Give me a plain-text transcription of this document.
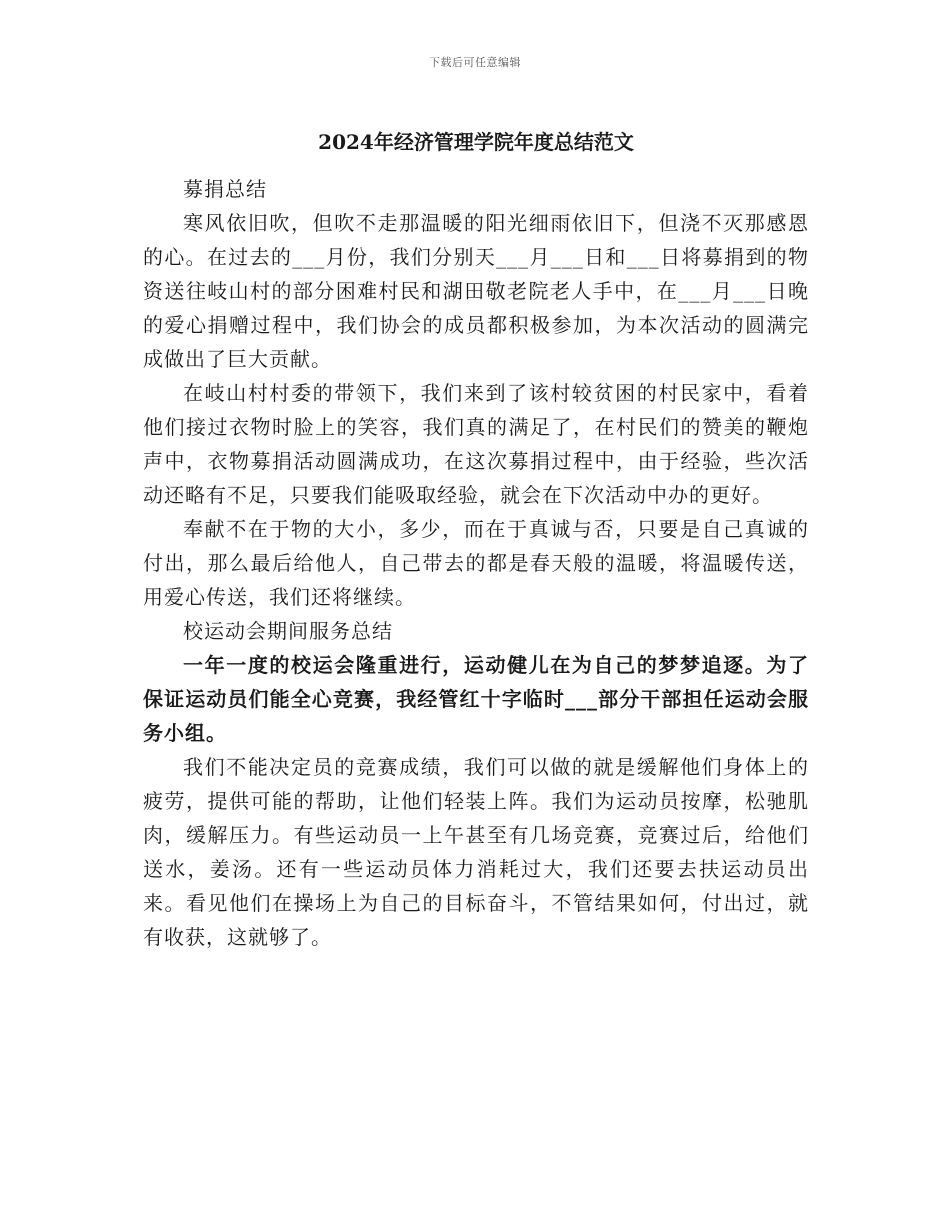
下载后可任意编辑
2024年经济管理学院年度总结范文

募捐总结

寒风依旧吹，但吹不走那温暖的阳光细雨依旧下，但浇不灭那感恩的心。在过去的___月份，我们分别天___月___日和___日将募捐到的物资送往岐山村的部分困难村民和湖田敬老院老人手中，在___月___日晚的爱心捐赠过程中，我们协会的成员都积极参加，为本次活动的圆满完成做出了巨大贡献。

在岐山村村委的带领下，我们来到了该村较贫困的村民家中，看着他们接过衣物时脸上的笑容，我们真的满足了，在村民们的赞美的鞭炮声中，衣物募捐活动圆满成功，在这次募捐过程中，由于经验，些次活动还略有不足，只要我们能吸取经验，就会在下次活动中办的更好。

奉献不在于物的大小，多少，而在于真诚与否，只要是自己真诚的付出，那么最后给他人，自己带去的都是春天般的温暖，将温暖传送，用爱心传送，我们还将继续。

校运动会期间服务总结

一年一度的校运会隆重进行，运动健儿在为自己的梦梦追逐。为了保证运动员们能全心竞赛，我经管红十字临时___部分干部担任运动会服务小组。

我们不能决定员的竞赛成绩，我们可以做的就是缓解他们身体上的疲劳，提供可能的帮助，让他们轻装上阵。我们为运动员按摩，松驰肌肉，缓解压力。有些运动员一上午甚至有几场竞赛，竞赛过后，给他们送水，姜汤。还有一些运动员体力消耗过大，我们还要去扶运动员出来。看见他们在操场上为自己的目标奋斗，不管结果如何，付出过，就有收获，这就够了。
